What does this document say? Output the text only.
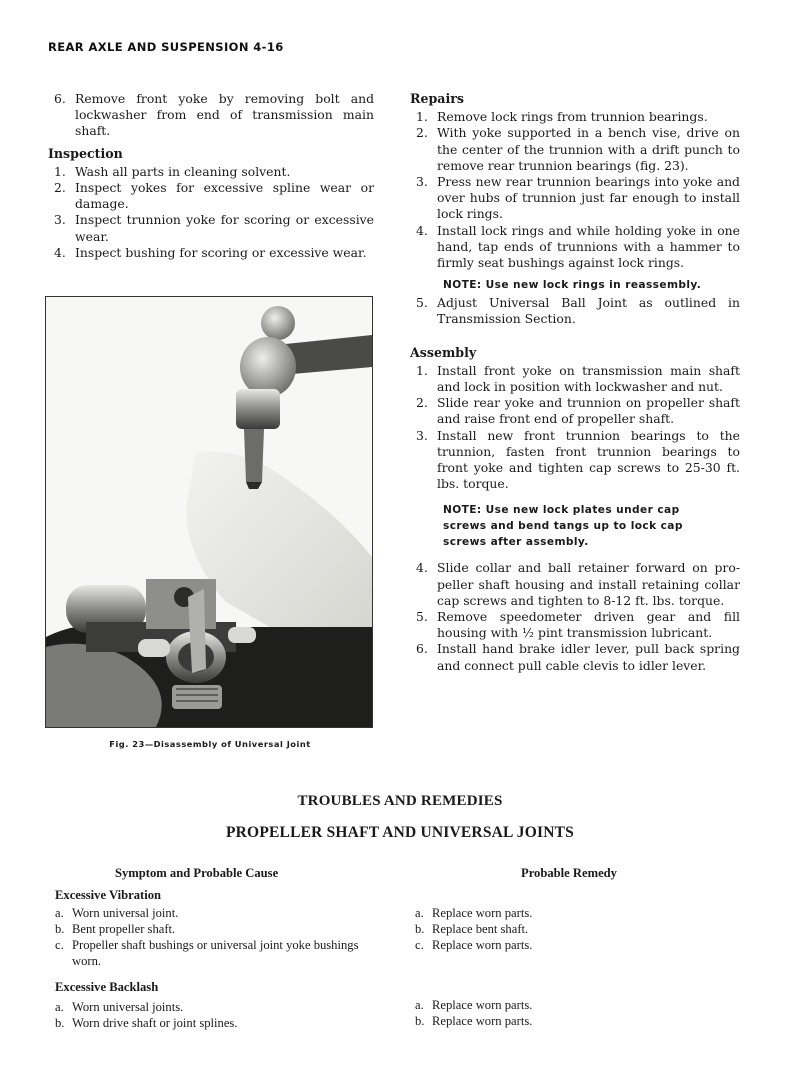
REAR AXLE AND SUSPENSION 4-16

6. Remove front yoke by removing bolt and lockwasher from end of transmission main shaft.

Inspection

1. Wash all parts in cleaning solvent.

2. Inspect yokes for excessive spline wear or damage.

3. Inspect trunnion yoke for scoring or excessive wear.

4. Inspect bushing for scoring or excessive wear.

Fig. 23—Disassembly of Universal Joint
Repairs

1. Remove lock rings from trunnion bearings.

2. With yoke supported in a bench vise, drive on the center of the trunnion with a drift punch to remove rear trunnion bearings (fig. 23).

3. Press new rear trunnion bearings into yoke and over hubs of trunnion just far enough to install lock rings.

4. Install lock rings and while holding yoke in one hand, tap ends of trunnions with a hammer to firmly seat bushings against lock rings.

NOTE: Use new lock rings in reassembly.

5. Adjust Universal Ball Joint as outlined in Transmission Section.

Assembly

1. Install front yoke on transmission main shaft and lock in position with lockwasher and nut.

2. Slide rear yoke and trunnion on propeller shaft and raise front end of propeller shaft.

3. Install new front trunnion bearings to the trunnion, fasten front trunnion bearings to front yoke and tighten cap screws to 25-30 ft. lbs. torque.

NOTE: Use new lock plates under cap screws and bend tangs up to lock cap screws after assembly.

4. Slide collar and ball retainer forward on propeller shaft housing and install retaining collar cap screws and tighten to 8-12 ft. lbs. torque.

5. Remove speedometer driven gear and fill housing with ½ pint transmission lubricant.

6. Install hand brake idler lever, pull back spring and connect pull cable clevis to idler lever.

TROUBLES AND REMEDIES
PROPELLER SHAFT AND UNIVERSAL JOINTS
Symptom and Probable Cause	Probable Remedy
Excessive Vibration
a. Worn universal joint.
b. Bent propeller shaft.
c. Propeller shaft bushings or universal joint yoke bushings worn.
a. Replace worn parts.
b. Replace bent shaft.
c. Replace worn parts.
Excessive Backlash
a. Worn universal joints.
b. Worn drive shaft or joint splines.
a. Replace worn parts.
b. Replace worn parts.
